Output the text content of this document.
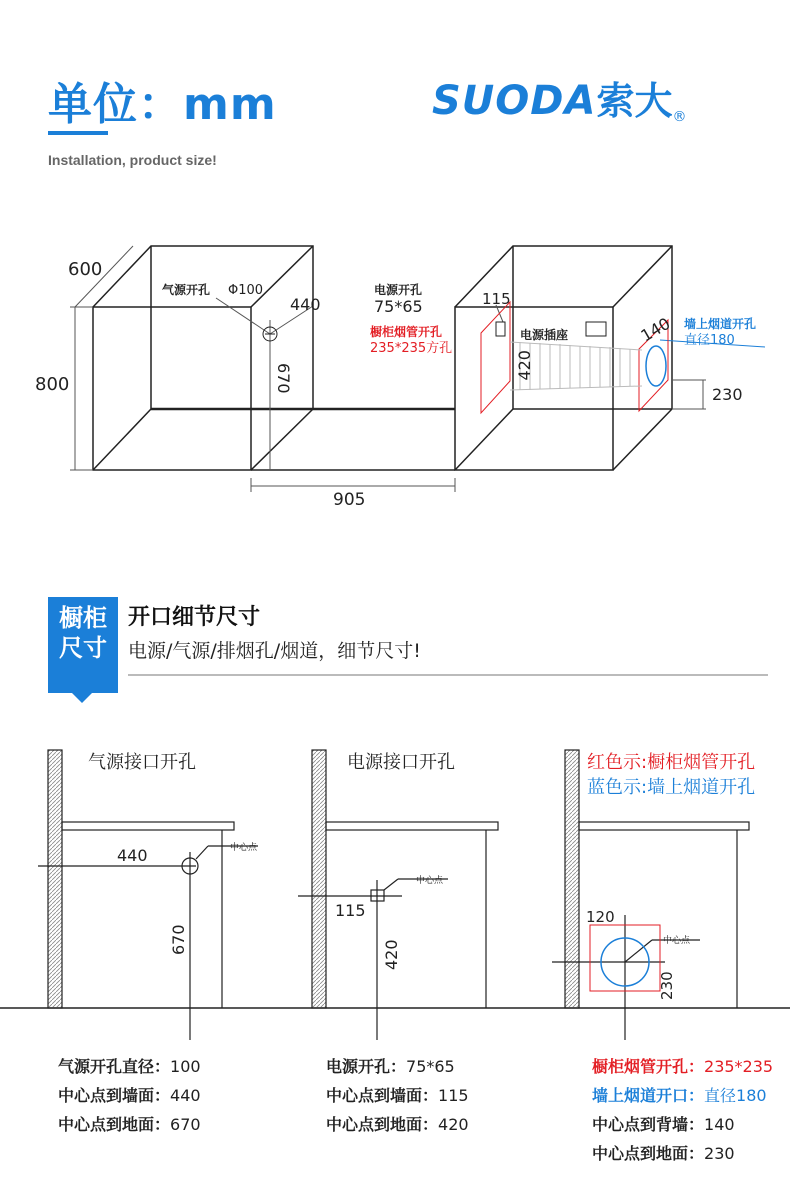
单位：mm
Installation, product size!
SUODA索大®
600
800
气源开孔 Φ100
440
670
电源开孔
75*65	115
橱柜烟管开孔
235*235方孔
420
电源插座	140 墙上烟道开孔
直径180
230
905
橱柜
尺寸
开口细节尺寸
电源/气源/排烟孔/烟道，细节尺寸!
气源接口开孔
中心点
440
670
电源接口开孔
中心点
115
420
红色示:橱柜烟管开孔
蓝色示:墙上烟道开孔
中心点
120
230
气源开孔直径：100
中心点到墙面：440
中心点到地面：670
电源开孔：75*65
中心点到墙面：115
中心点到地面：420
橱柜烟管开孔：235*235
墙上烟道开口：直径180
中心点到背墙：140
中心点到地面：230
